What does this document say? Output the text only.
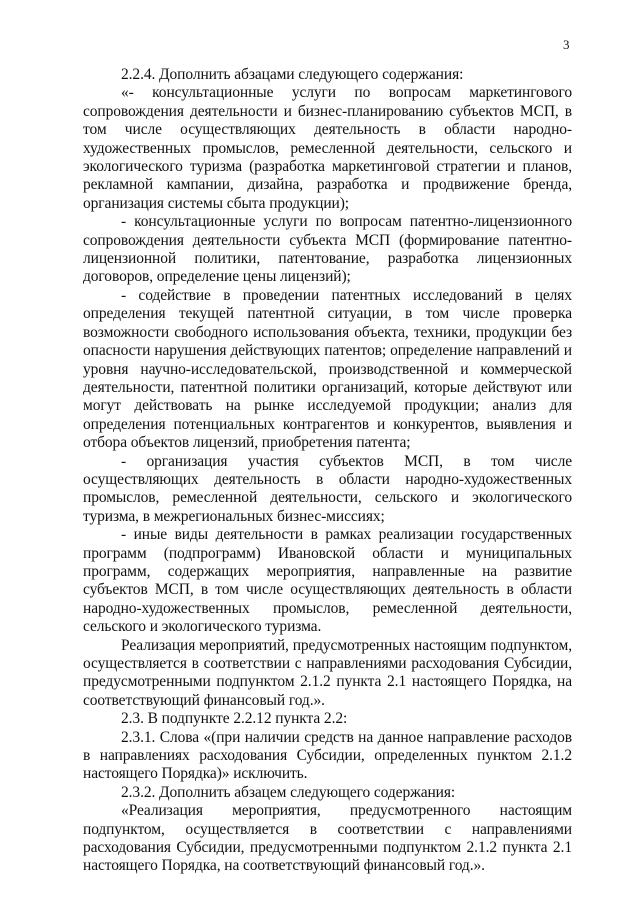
3

2.2.4. Дополнить абзацами следующего содержания:

«- консультационные услуги по вопросам маркетингового сопровождения деятельности и бизнес-планированию субъектов МСП, в том числе осуществляющих деятельность в области народно-художественных промыслов, ремесленной деятельности, сельского и экологического туризма (разработка маркетинговой стратегии и планов, рекламной кампании, дизайна, разработка и продвижение бренда, организация системы сбыта продукции);

- консультационные услуги по вопросам патентно-лицензионного сопровождения деятельности субъекта МСП (формирование патентно-лицензионной политики, патентование, разработка лицензионных договоров, определение цены лицензий);

- содействие в проведении патентных исследований в целях определения текущей патентной ситуации, в том числе проверка возможности свободного использования объекта, техники, продукции без опасности нарушения действующих патентов; определение направлений и уровня научно-исследовательской, производственной и коммерческой деятельности, патентной политики организаций, которые действуют или могут действовать на рынке исследуемой продукции; анализ для определения потенциальных контрагентов и конкурентов, выявления и отбора объектов лицензий, приобретения патента;

- организация участия субъектов МСП, в том числе осуществляющих деятельность в области народно-художественных промыслов, ремесленной деятельности, сельского и экологического туризма, в межрегиональных бизнес-миссиях;

- иные виды деятельности в рамках реализации государственных программ (подпрограмм) Ивановской области и муниципальных программ, содержащих мероприятия, направленные на развитие субъектов МСП, в том числе осуществляющих деятельность в области народно-художественных промыслов, ремесленной деятельности, сельского и экологического туризма.

Реализация мероприятий, предусмотренных настоящим подпунктом, осуществляется в соответствии с направлениями расходования Субсидии, предусмотренными подпунктом 2.1.2 пункта 2.1 настоящего Порядка, на соответствующий финансовый год.».

2.3. В подпункте 2.2.12 пункта 2.2:

2.3.1. Слова «(при наличии средств на данное направление расходов в направлениях расходования Субсидии, определенных пунктом 2.1.2 настоящего Порядка)» исключить.

2.3.2. Дополнить абзацем следующего содержания:

«Реализация мероприятия, предусмотренного настоящим подпунктом, осуществляется в соответствии с направлениями расходования Субсидии, предусмотренными подпунктом 2.1.2 пункта 2.1 настоящего Порядка, на соответствующий финансовый год.».
